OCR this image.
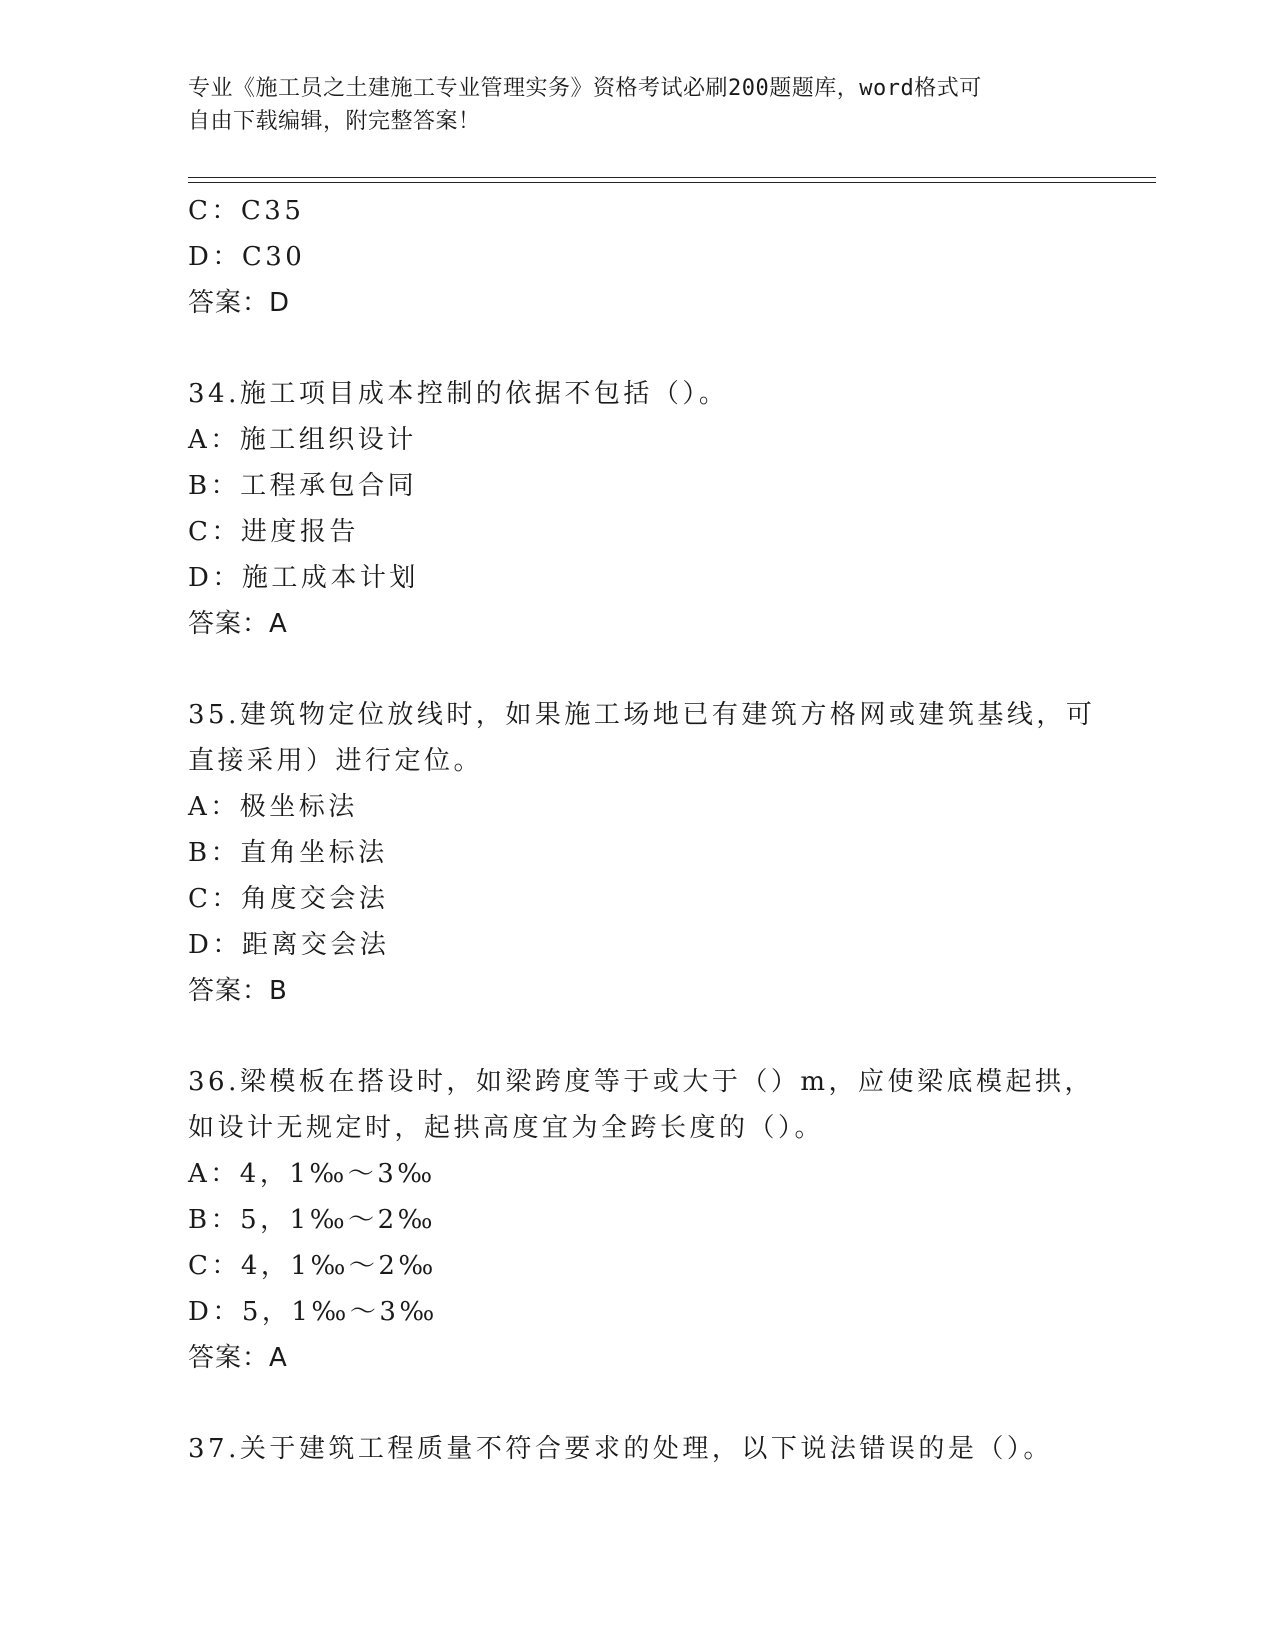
专业《施工员之土建施工专业管理实务》资格考试必刷200题题库，word格式可
自由下载编辑，附完整答案！
C：C35
D：C30
答案：D
34.施工项目成本控制的依据不包括（）。
A：施工组织设计
B：工程承包合同
C：进度报告
D：施工成本计划
答案：A
35.建筑物定位放线时，如果施工场地已有建筑方格网或建筑基线，可
直接采用）进行定位。
A：极坐标法
B：直角坐标法
C：角度交会法
D：距离交会法
答案：B
36.梁模板在搭设时，如梁跨度等于或大于（）m，应使梁底模起拱，
如设计无规定时，起拱高度宜为全跨长度的（）。
A：4，1‰～3‰
B：5，1‰～2‰
C：4，1‰～2‰
D：5，1‰～3‰
答案：A
37.关于建筑工程质量不符合要求的处理，以下说法错误的是（）。
